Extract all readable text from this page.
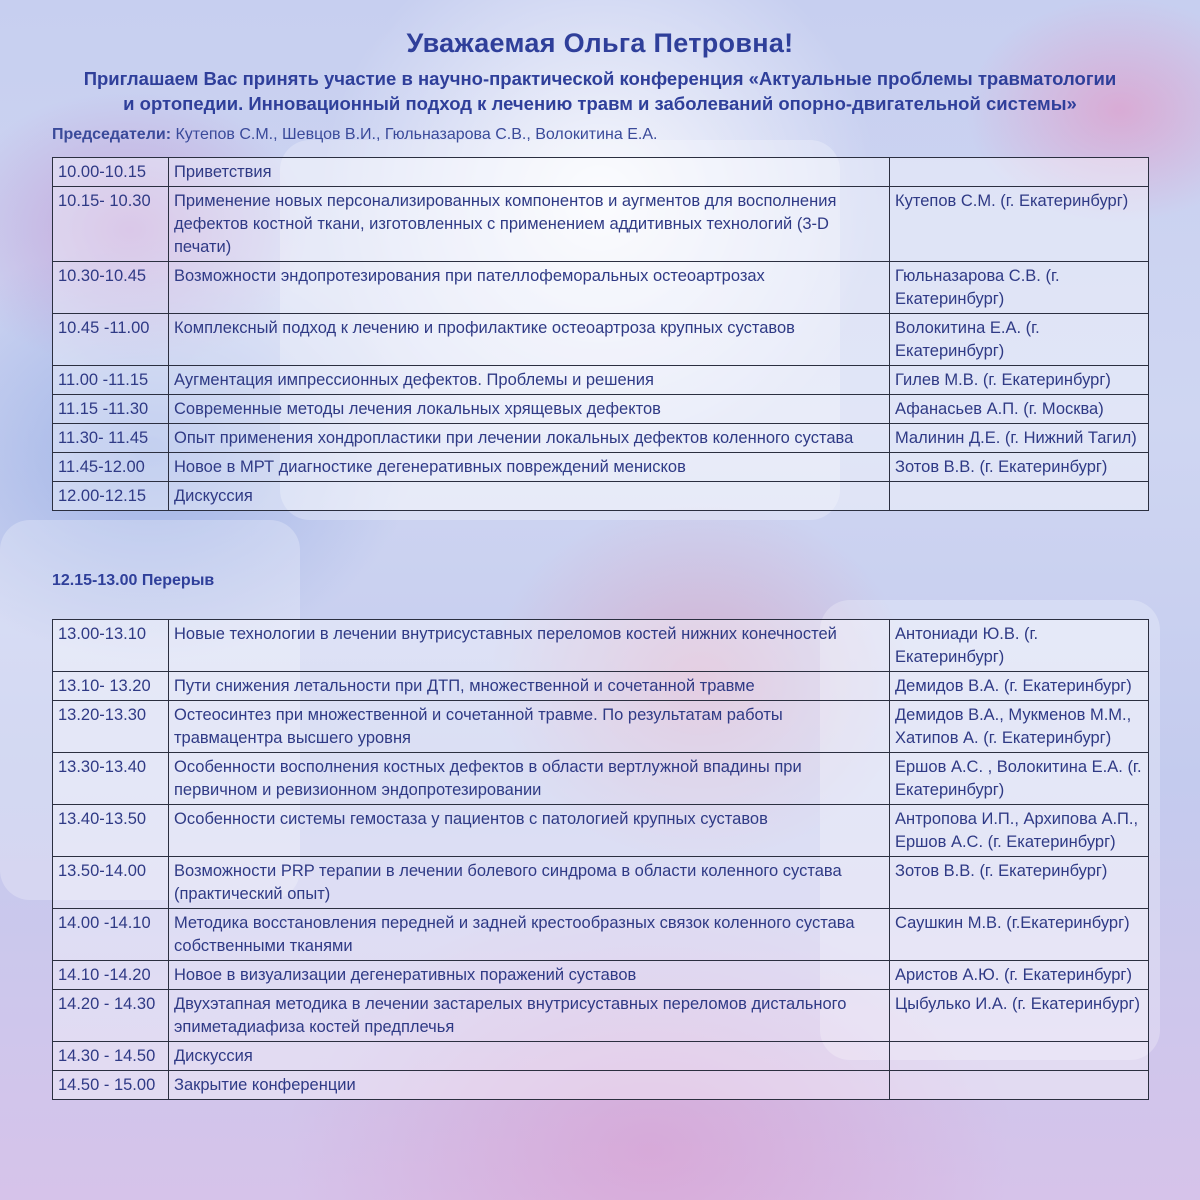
Уважаемая Ольга Петровна!
Приглашаем Вас принять участие в научно-практической конференция «Актуальные проблемы травматологии
и ортопедии. Инновационный подход к лечению травм и заболеваний опорно-двигательной системы»
Председатели: Кутепов С.М., Шевцов В.И., Гюльназарова С.В., Волокитина Е.А.
10.00-10.15	Приветствия	
10.15- 10.30	Применение новых персонализированных компонентов и аугментов для восполнения дефектов костной ткани, изготовленных с применением аддитивных технологий (3-D печати)	Кутепов С.М. (г. Екатеринбург)
10.30-10.45	Возможности эндопротезирования при пателлофеморальных остеоартрозах	Гюльназарова С.В. (г. Екатеринбург)
10.45 -11.00	Комплексный подход к лечению и профилактике остеоартроза крупных суставов	Волокитина Е.А. (г. Екатеринбург)
11.00 -11.15	Аугментация импрессионных дефектов. Проблемы и решения	Гилев М.В. (г. Екатеринбург)
11.15 -11.30	Современные методы лечения локальных хрящевых дефектов	Афанасьев А.П. (г. Москва)
11.30- 11.45	Опыт применения хондропластики при лечении локальных дефектов коленного сустава	Малинин Д.Е. (г. Нижний Тагил)
11.45-12.00	Новое в МРТ диагностике дегенеративных повреждений менисков	Зотов В.В. (г. Екатеринбург)
12.00-12.15	Дискуссия	
12.15-13.00 Перерыв
13.00-13.10	Новые технологии в лечении внутрисуставных переломов костей нижних конечностей	Антониади Ю.В. (г. Екатеринбург)
13.10- 13.20	Пути снижения летальности при ДТП, множественной и сочетанной травме	Демидов В.А. (г. Екатеринбург)
13.20-13.30	Остеосинтез при множественной и сочетанной травме. По результатам работы травмацентра высшего уровня	Демидов В.А., Мукменов М.М., Хатипов А. (г. Екатеринбург)
13.30-13.40	Особенности восполнения костных дефектов в области вертлужной впадины при первичном и ревизионном эндопротезировании	Ершов А.С. , Волокитина Е.А. (г. Екатеринбург)
13.40-13.50	Особенности системы гемостаза у пациентов с патологией крупных суставов	Антропова И.П., Архипова А.П., Ершов А.С. (г. Екатеринбург)
13.50-14.00	Возможности PRP терапии в лечении болевого синдрома в области коленного сустава (практический опыт)	Зотов В.В. (г. Екатеринбург)
14.00 -14.10	Методика восстановления передней и задней крестообразных связок коленного сустава собственными тканями	Саушкин М.В. (г.Екатеринбург)
14.10 -14.20	Новое в визуализации дегенеративных поражений суставов	Аристов А.Ю. (г. Екатеринбург)
14.20 - 14.30	Двухэтапная методика в лечении застарелых внутрисуставных переломов дистального эпиметадиафиза костей предплечья	Цыбулько И.А. (г. Екатеринбург)
14.30 - 14.50	Дискуссия	
14.50 - 15.00	Закрытие конференции	
